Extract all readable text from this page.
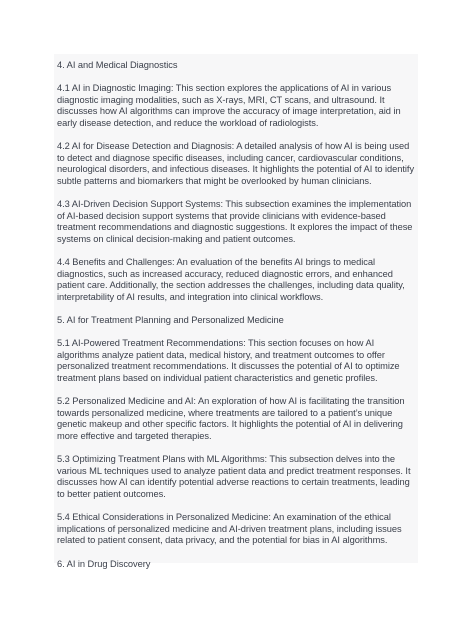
4. AI and Medical Diagnostics

4.1 AI in Diagnostic Imaging: This section explores the applications of AI in various diagnostic imaging modalities, such as X-rays, MRI, CT scans, and ultrasound. It discusses how AI algorithms can improve the accuracy of image interpretation, aid in early disease detection, and reduce the workload of radiologists.

4.2 AI for Disease Detection and Diagnosis: A detailed analysis of how AI is being used to detect and diagnose specific diseases, including cancer, cardiovascular conditions, neurological disorders, and infectious diseases. It highlights the potential of AI to identify subtle patterns and biomarkers that might be overlooked by human clinicians.

4.3 AI-Driven Decision Support Systems: This subsection examines the implementation of AI-based decision support systems that provide clinicians with evidence-based treatment recommendations and diagnostic suggestions. It explores the impact of these systems on clinical decision-making and patient outcomes.

4.4 Benefits and Challenges: An evaluation of the benefits AI brings to medical diagnostics, such as increased accuracy, reduced diagnostic errors, and enhanced patient care. Additionally, the section addresses the challenges, including data quality, interpretability of AI results, and integration into clinical workflows.

5. AI for Treatment Planning and Personalized Medicine

5.1 AI-Powered Treatment Recommendations: This section focuses on how AI algorithms analyze patient data, medical history, and treatment outcomes to offer personalized treatment recommendations. It discusses the potential of AI to optimize treatment plans based on individual patient characteristics and genetic profiles.

5.2 Personalized Medicine and AI: An exploration of how AI is facilitating the transition towards personalized medicine, where treatments are tailored to a patient’s unique genetic makeup and other specific factors. It highlights the potential of AI in delivering more effective and targeted therapies.

5.3 Optimizing Treatment Plans with ML Algorithms: This subsection delves into the various ML techniques used to analyze patient data and predict treatment responses. It discusses how AI can identify potential adverse reactions to certain treatments, leading to better patient outcomes.

5.4 Ethical Considerations in Personalized Medicine: An examination of the ethical implications of personalized medicine and AI-driven treatment plans, including issues related to patient consent, data privacy, and the potential for bias in AI algorithms.

6. AI in Drug Discovery
